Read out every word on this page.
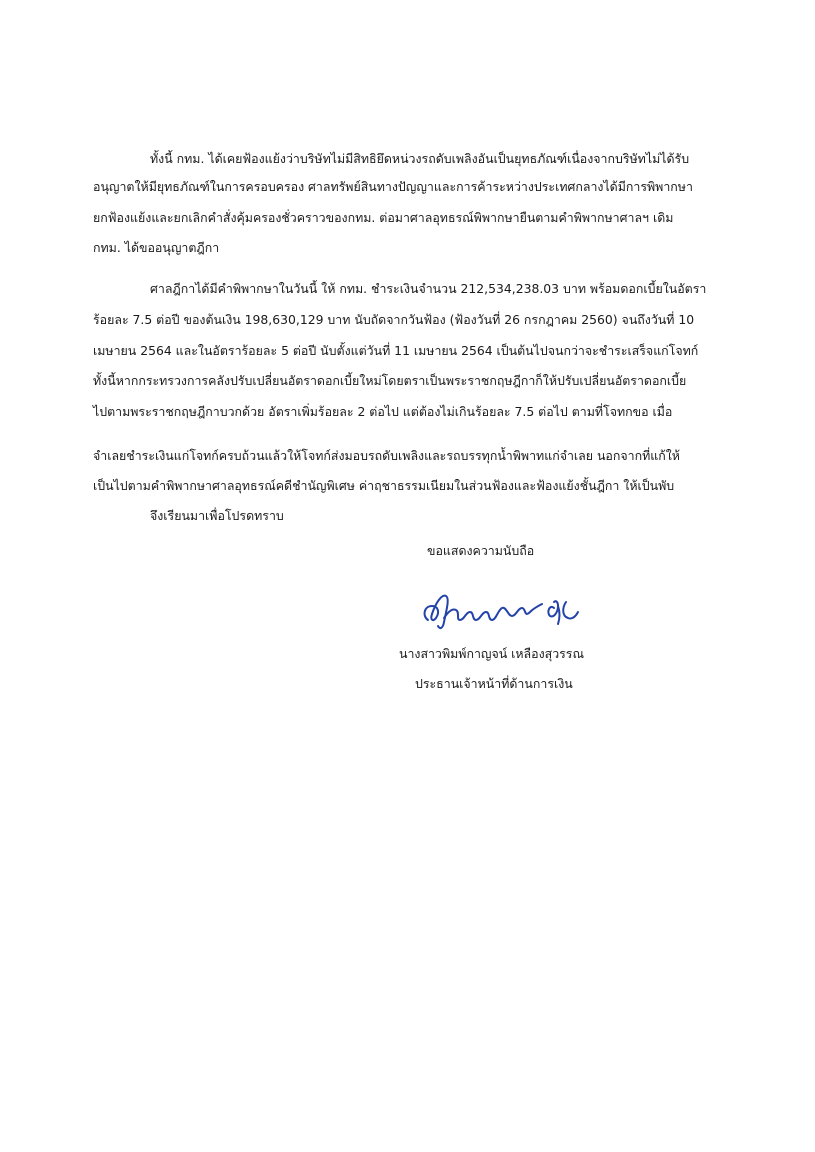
ทั้งนี้ กทม. ได้เคยฟ้องแย้งว่าบริษัทไม่มีสิทธิยึดหน่วงรถดับเพลิงอันเป็นยุทธภัณฑ์เนื่องจากบริษัทไม่ได้รับ
อนุญาตให้มียุทธภัณฑ์ในการครอบครอง ศาลทรัพย์สินทางปัญญาและการค้าระหว่างประเทศกลางได้มีการพิพากษา
ยกฟ้องแย้งและยกเลิกคำสั่งคุ้มครองชั่วคราวของกทม. ต่อมาศาลอุทธรณ์พิพากษายืนตามคำพิพากษาศาลฯ เดิม
กทม. ได้ขออนุญาตฎีกา
ศาลฎีกาได้มีคำพิพากษาในวันนี้ ให้ กทม. ชำระเงินจำนวน 212,534,238.03 บาท พร้อมดอกเบี้ยในอัตรา
ร้อยละ 7.5 ต่อปี ของต้นเงิน 198,630,129 บาท นับถัดจากวันฟ้อง (ฟ้องวันที่ 26 กรกฎาคม 2560) จนถึงวันที่ 10
เมษายน 2564 และในอัตราร้อยละ 5 ต่อปี นับตั้งแต่วันที่ 11 เมษายน 2564 เป็นต้นไปจนกว่าจะชำระเสร็จแก่โจทก์
ทั้งนี้หากกระทรวงการคลังปรับเปลี่ยนอัตราดอกเบี้ยใหม่โดยตราเป็นพระราชกฤษฎีกาก็ให้ปรับเปลี่ยนอัตราดอกเบี้ย
ไปตามพระราชกฤษฎีกาบวกด้วย อัตราเพิ่มร้อยละ 2 ต่อไป แต่ต้องไม่เกินร้อยละ 7.5 ต่อไป ตามที่โจทกขอ เมื่อ
จำเลยชำระเงินแก่โจทก์ครบถ้วนแล้วให้โจทก์ส่งมอบรถดับเพลิงและรถบรรทุกน้ำพิพาทแก่จำเลย นอกจากที่แก้ให้
เป็นไปตามคำพิพากษาศาลอุทธรณ์คดีชำนัญพิเศษ ค่าฤชาธรรมเนียมในส่วนฟ้องและฟ้องแย้งชั้นฎีกา ให้เป็นพับ
จึงเรียนมาเพื่อโปรดทราบ
ขอแสดงความนับถือ
นางสาวพิมพ์กาญจน์ เหลืองสุวรรณ
ประธานเจ้าหน้าที่ด้านการเงิน
